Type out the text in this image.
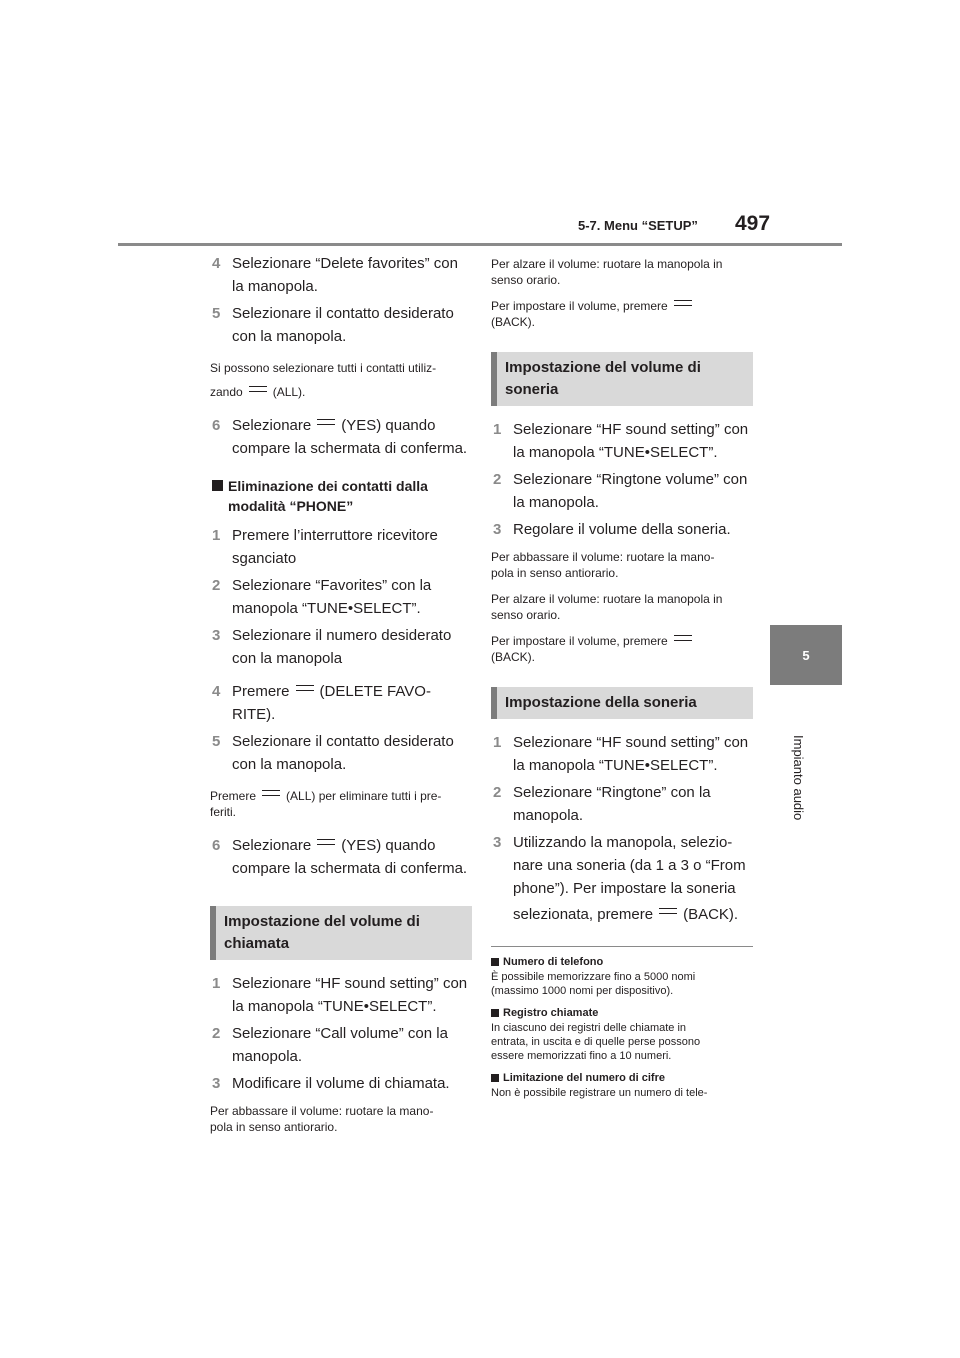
5-7. Menu “SETUP” 497
5
Impianto audio
4 Selezionare “Delete favorites” con
la manopola.
5 Selezionare il contatto desiderato
con la manopola.
Si possono selezionare tutti i contatti utiliz-
zando	(ALL).
6 Selezionare (YES) quando
compare la schermata di conferma.
Eliminazione dei contatti dalla
modalità “PHONE”
1 Premere l’interruttore ricevitore
sganciato
2 Selezionare “Favorites” con la
manopola “TUNE•SELECT”.
3 Selezionare il numero desiderato
con la manopola
4 Premere (DELETE FAVO-
RITE).
5 Selezionare il contatto desiderato
con la manopola.
Premere	(ALL) per eliminare tutti i pre-
feriti.
6 Selezionare (YES) quando
compare la schermata di conferma.
Impostazione del volume di
chiamata
1 Selezionare “HF sound setting” con
la manopola “TUNE•SELECT”.
2 Selezionare “Call volume” con la
manopola.
3 Modificare il volume di chiamata.
Per abbassare il volume: ruotare la mano-
pola in senso antiorario.
Per alzare il volume: ruotare la manopola in
senso orario.
Per impostare il volume, premere
(BACK).
Impostazione del volume di
soneria
1 Selezionare “HF sound setting” con
la manopola “TUNE•SELECT”.
2 Selezionare “Ringtone volume” con
la manopola.
3 Regolare il volume della soneria.
Per abbassare il volume: ruotare la mano-
pola in senso antiorario.
Per alzare il volume: ruotare la manopola in
senso orario.
Per impostare il volume, premere
(BACK).
Impostazione della soneria
1 Selezionare “HF sound setting” con
la manopola “TUNE•SELECT”.
2 Selezionare “Ringtone” con la
manopola.
3 Utilizzando la manopola, selezio-
nare una soneria (da 1 a 3 o “From
phone”). Per impostare la soneria
selezionata, premere (BACK).
Numero di telefono
È possibile memorizzare fino a 5000 nomi
(massimo 1000 nomi per dispositivo).
Registro chiamate
In ciascuno dei registri delle chiamate in
entrata, in uscita e di quelle perse possono
essere memorizzati fino a 10 numeri.
Limitazione del numero di cifre
Non è possibile registrare un numero di tele-
